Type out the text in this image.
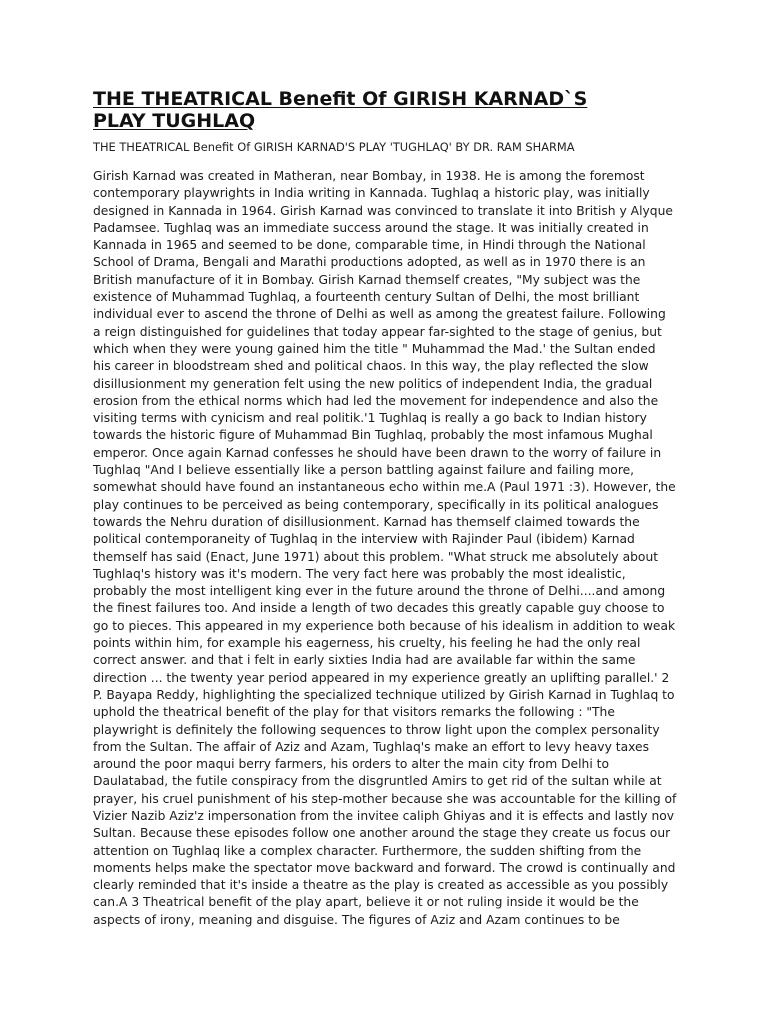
THE THEATRICAL Benefit Of GIRISH KARNAD`S
PLAY TUGHLAQ
THE THEATRICAL Benefit Of GIRISH KARNAD'S PLAY 'TUGHLAQ' BY DR. RAM SHARMA
Girish Karnad was created in Matheran, near Bombay, in 1938. He is among the foremost
contemporary playwrights in India writing in Kannada. Tughlaq a historic play, was initially
designed in Kannada in 1964. Girish Karnad was convinced to translate it into British y Alyque
Padamsee. Tughlaq was an immediate success around the stage. It was initially created in
Kannada in 1965 and seemed to be done, comparable time, in Hindi through the National
School of Drama, Bengali and Marathi productions adopted, as well as in 1970 there is an
British manufacture of it in Bombay. Girish Karnad themself creates, "My subject was the
existence of Muhammad Tughlaq, a fourteenth century Sultan of Delhi, the most brilliant
individual ever to ascend the throne of Delhi as well as among the greatest failure. Following
a reign distinguished for guidelines that today appear far-sighted to the stage of genius, but
which when they were young gained him the title " Muhammad the Mad.' the Sultan ended
his career in bloodstream shed and political chaos. In this way, the play reflected the slow
disillusionment my generation felt using the new politics of independent India, the gradual
erosion from the ethical norms which had led the movement for independence and also the
visiting terms with cynicism and real politik.'1 Tughlaq is really a go back to Indian history
towards the historic figure of Muhammad Bin Tughlaq, probably the most infamous Mughal
emperor. Once again Karnad confesses he should have been drawn to the worry of failure in
Tughlaq "And I believe essentially like a person battling against failure and failing more,
somewhat should have found an instantaneous echo within me.A (Paul 1971 :3). However, the
play continues to be perceived as being contemporary, specifically in its political analogues
towards the Nehru duration of disillusionment. Karnad has themself claimed towards the
political contemporaneity of Tughlaq in the interview with Rajinder Paul (ibidem) Karnad
themself has said (Enact, June 1971) about this problem. "What struck me absolutely about
Tughlaq's history was it's modern. The very fact here was probably the most idealistic,
probably the most intelligent king ever in the future around the throne of Delhi....and among
the finest failures too. And inside a length of two decades this greatly capable guy choose to
go to pieces. This appeared in my experience both because of his idealism in addition to weak
points within him, for example his eagerness, his cruelty, his feeling he had the only real
correct answer. and that i felt in early sixties India had are available far within the same
direction ... the twenty year period appeared in my experience greatly an uplifting parallel.' 2
P. Bayapa Reddy, highlighting the specialized technique utilized by Girish Karnad in Tughlaq to
uphold the theatrical benefit of the play for that visitors remarks the following : "The
playwright is definitely the following sequences to throw light upon the complex personality
from the Sultan. The affair of Aziz and Azam, Tughlaq's make an effort to levy heavy taxes
around the poor maqui berry farmers, his orders to alter the main city from Delhi to
Daulatabad, the futile conspiracy from the disgruntled Amirs to get rid of the sultan while at
prayer, his cruel punishment of his step-mother because she was accountable for the killing of
Vizier Nazib Aziz'z impersonation from the invitee caliph Ghiyas and it is effects and lastly nov
Sultan. Because these episodes follow one another around the stage they create us focus our
attention on Tughlaq like a complex character. Furthermore, the sudden shifting from the
moments helps make the spectator move backward and forward. The crowd is continually and
clearly reminded that it's inside a theatre as the play is created as accessible as you possibly
can.A 3 Theatrical benefit of the play apart, believe it or not ruling inside it would be the
aspects of irony, meaning and disguise. The figures of Aziz and Azam continues to be
